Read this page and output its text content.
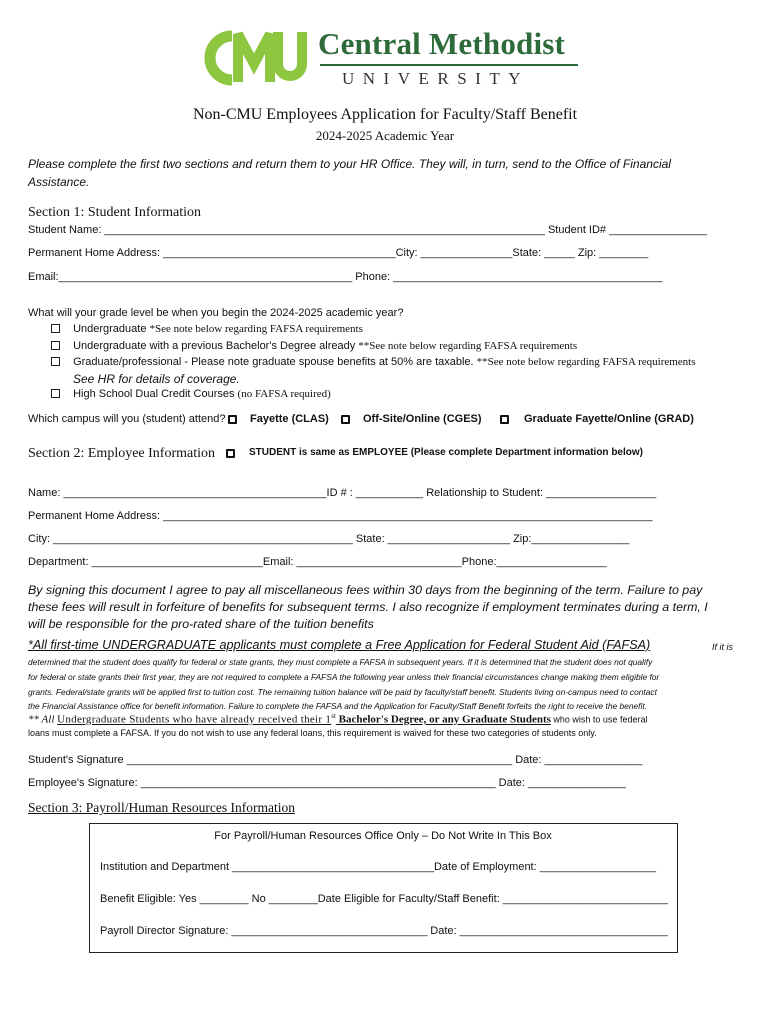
Central Methodist
UNIVERSITY
Non-CMU Employees Application for Faculty/Staff Benefit
2024-2025 Academic Year
Please complete the first two sections and return them to your HR Office. They will, in turn, send to the Office of Financial
Assistance.
Section 1: Student Information
Student Name: ________________________________________________________________________ Student ID# ________________
Permanent Home Address: ______________________________________City: _______________State: _____ Zip: ________
Email:________________________________________________ Phone: ____________________________________________
What will your grade level be when you begin the 2024-2025 academic year?
Undergraduate *See note below regarding FAFSA requirements
Undergraduate with a previous Bachelor's Degree already **See note below regarding FAFSA requirements
Graduate/professional - Please note graduate spouse benefits at 50% are taxable. **See note below regarding FAFSA requirements
See HR for details of coverage.
High School Dual Credit Courses (no FAFSA required)
Which campus will you (student) attend? Fayette (CLAS)	Off-Site/Online (CGES)	Graduate Fayette/Online (GRAD)
Section 2: Employee Information	STUDENT is same as EMPLOYEE (Please complete Department information below)
Name: ___________________________________________ID # : ___________ Relationship to Student: __________________
Permanent Home Address: ________________________________________________________________________________
City: _________________________________________________ State: ____________________ Zip:________________
Department: ____________________________Email: ___________________________Phone:__________________
By signing this document I agree to pay all miscellaneous fees within 30 days from the beginning of the term. Failure to pay
these fees will result in forfeiture of benefits for subsequent terms. I also recognize if employment terminates during a term, I
will be responsible for the pro-rated share of the tuition benefits
*All first-time UNDERGRADUATE applicants must complete a Free Application for Federal Student Aid (FAFSA)	If it is
determined that the student does qualify for federal or state grants, they must complete a FAFSA in subsequent years. If it is determined that the student does not qualify
for federal or state grants their first year, they are not required to complete a FAFSA the following year unless their financial circumstances change making them eligible for
grants. Federal/state grants will be applied first to tuition cost. The remaining tuition balance will be paid by faculty/staff benefit. Students living on-campus need to contact
the Financial Assistance office for benefit information. Failure to complete the FAFSA and the Application for Faculty/Staff Benefit forfeits the right to receive the benefit.
** All Undergraduate Students who have already received their 1st Bachelor's Degree, or any Graduate Students who wish to use federal
loans must complete a FAFSA. If you do not wish to use any federal loans, this requirement is waived for these two categories of students only.
Student's Signature _______________________________________________________________ Date: ________________
Employee's Signature: __________________________________________________________ Date: ________________
Section 3: Payroll/Human Resources Information
For Payroll/Human Resources Office Only – Do Not Write In This Box
Institution and Department _________________________________Date of Employment: ___________________
Benefit Eligible: Yes ________ No ________Date Eligible for Faculty/Staff Benefit: ___________________________
Payroll Director Signature: ________________________________ Date: __________________________________
